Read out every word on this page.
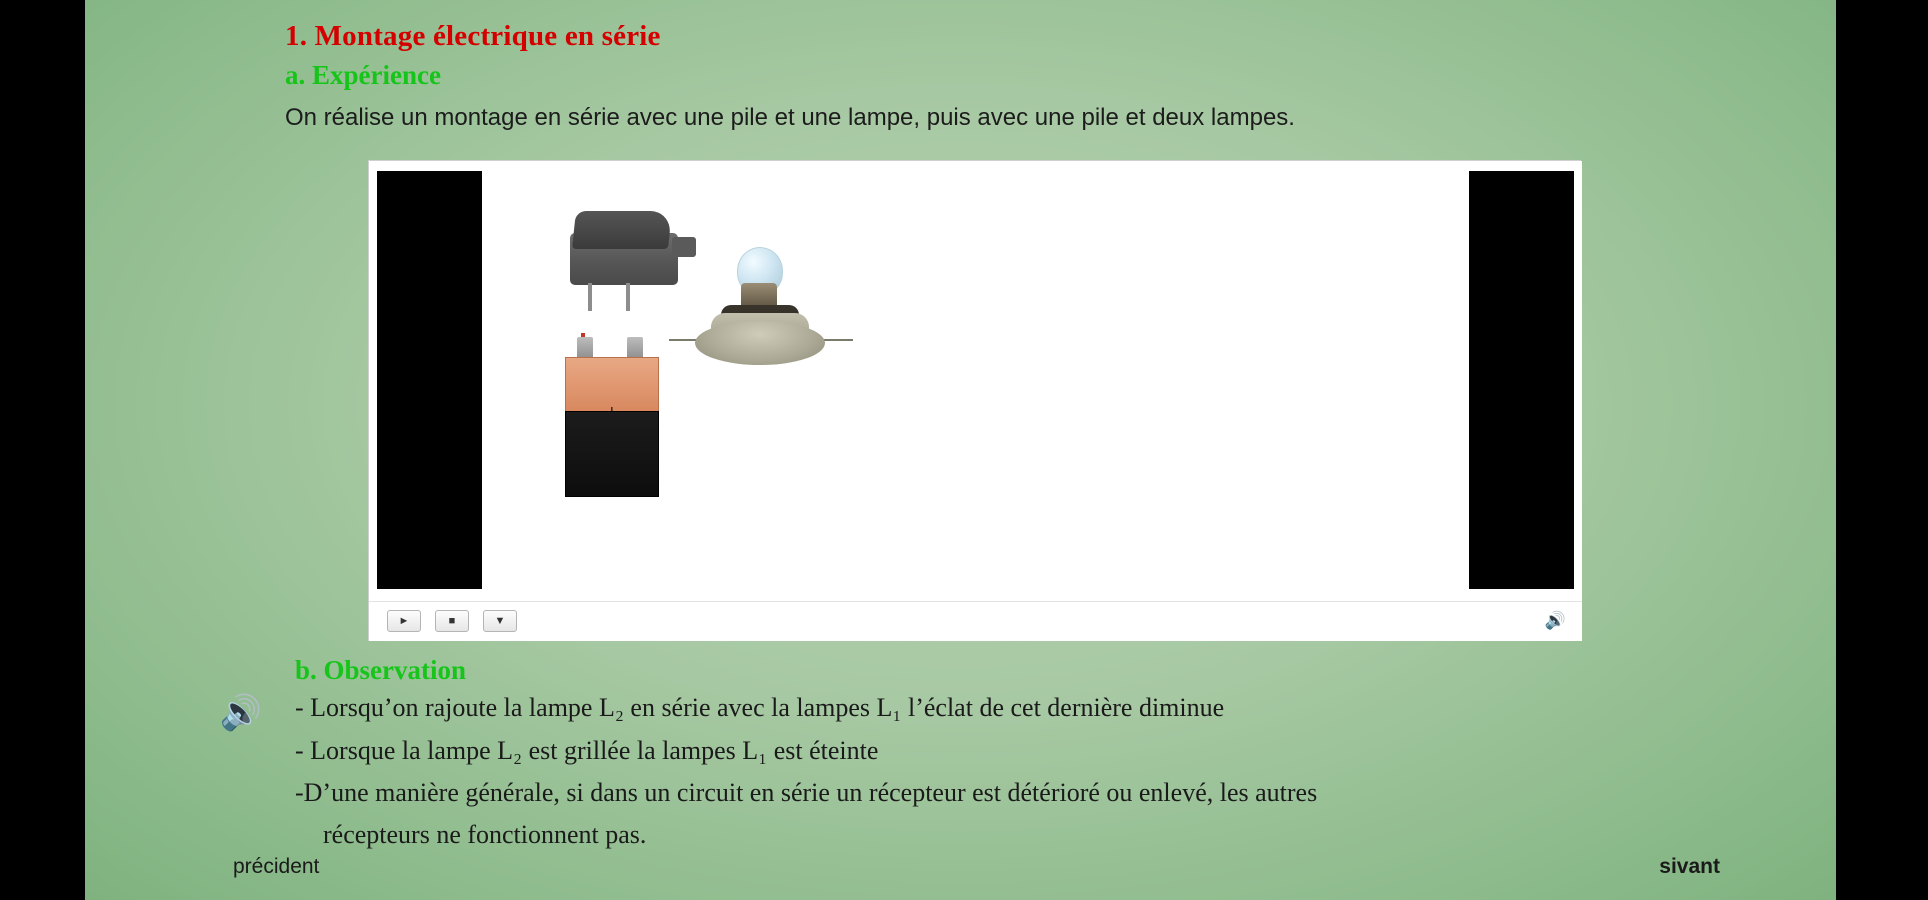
1. Montage électrique en série
a. Expérience
On réalise un montage en série avec une pile et une lampe, puis avec une pile et deux lampes.
►	■	▼	🔊
b. Observation
🔊 - Lorsqu’on rajoute la lampe L₂ en série avec la lampes L₁ l’éclat de cet dernière diminue
- Lorsque la lampe L₂ est grillée la lampes L₁ est éteinte
-D’une manière générale, si dans un circuit en série un récepteur est détérioré ou enlevé, les autres
récepteurs ne fonctionnent pas.
précident	sivant
